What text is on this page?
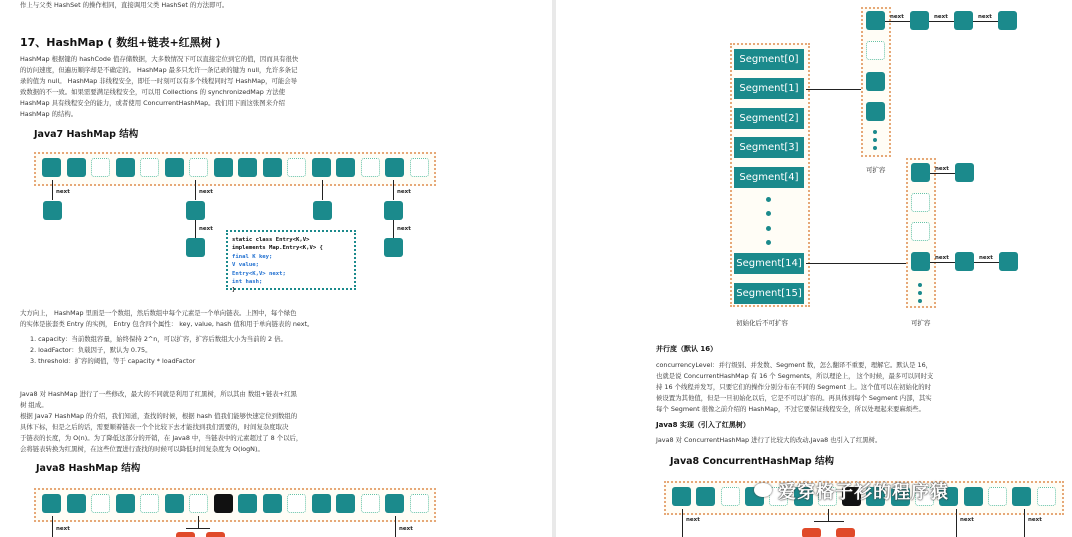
作上与父类 HashSet 的操作相同，直接调用父类 HashSet 的方法即可。
17、HashMap ( 数组+链表+红黑树 )
HashMap 根据键的 hashCode 值存储数据，大多数情况下可以直接定位到它的值，因而具有很快
的访问速度，但遍历顺序却是不确定的。 HashMap 最多只允许一条记录的键为 null，允许多条记
录的值为 null。 HashMap 非线程安全，即任一时刻可以有多个线程同时写 HashMap，可能会导
致数据的不一致。如果需要满足线程安全，可以用 Collections 的 synchronizedMap 方法使
HashMap 具有线程安全的能力，或者使用 ConcurrentHashMap。我们用下面这张图来介绍
HashMap 的结构。
Java7 HashMap 结构
next	next
next
next
next
static class Entry<K,V>
implements Map.Entry<K,V> {
final K key;
V value;
Entry<K,V> next;
int hash;
}
大方向上， HashMap 里面是一个数组，然后数组中每个元素是一个单向链表。上图中，每个绿色
的实体是嵌套类 Entry 的实例， Entry 包含四个属性： key, value, hash 值和用于单向链表的 next。
1. capacity：当前数组容量，始终保持 2^n，可以扩容，扩容后数组大小为当前的 2 倍。
2. loadFactor：负载因子，默认为 0.75。
3. threshold：扩容的阈值，等于 capacity * loadFactor
Java8 对 HashMap 进行了一些修改，最大的不同就是利用了红黑树，所以其由 数组+链表+红黑
树 组成。
根据 Java7 HashMap 的介绍，我们知道，查找的时候，根据 hash 值我们能够快速定位到数组的
具体下标，但是之后的话，需要顺着链表一个个比较下去才能找到我们需要的，时间复杂度取决
于链表的长度，为 O(n)。为了降低这部分的开销，在 Java8 中，当链表中的元素超过了 8 个以后，
会将链表转换为红黑树，在这些位置进行查找的时候可以降低时间复杂度为 O(logN)。
Java8 HashMap 结构
next	next
Segment[0]
Segment[1]
Segment[2]
Segment[3]
Segment[4]
Segment[14]
Segment[15]
初始化后不可扩容
可扩容
next	next	next
可扩容
next
next	next
并行度（默认 16）
concurrencyLevel：并行级别、并发数、Segment 数，怎么翻译不重要，理解它。默认是 16，
也就是说 ConcurrentHashMap 有 16 个 Segments，所以理论上， 这个时候，最多可以同时支
持 16 个线程并发写，只要它们的操作分别分布在不同的 Segment 上。这个值可以在初始化的时
候设置为其他值，但是一旦初始化以后，它是不可以扩容的。再具体到每个 Segment 内部，其实
每个 Segment 很像之前介绍的 HashMap，不过它要保证线程安全，所以处理起来要麻烦些。
Java8 实现（引入了红黑树）
Java8 对 ConcurrentHashMap 进行了比较大的改动,Java8 也引入了红黑树。
Java8 ConcurrentHashMap 结构
next	next	next
爱穿格子衫的程序猿
